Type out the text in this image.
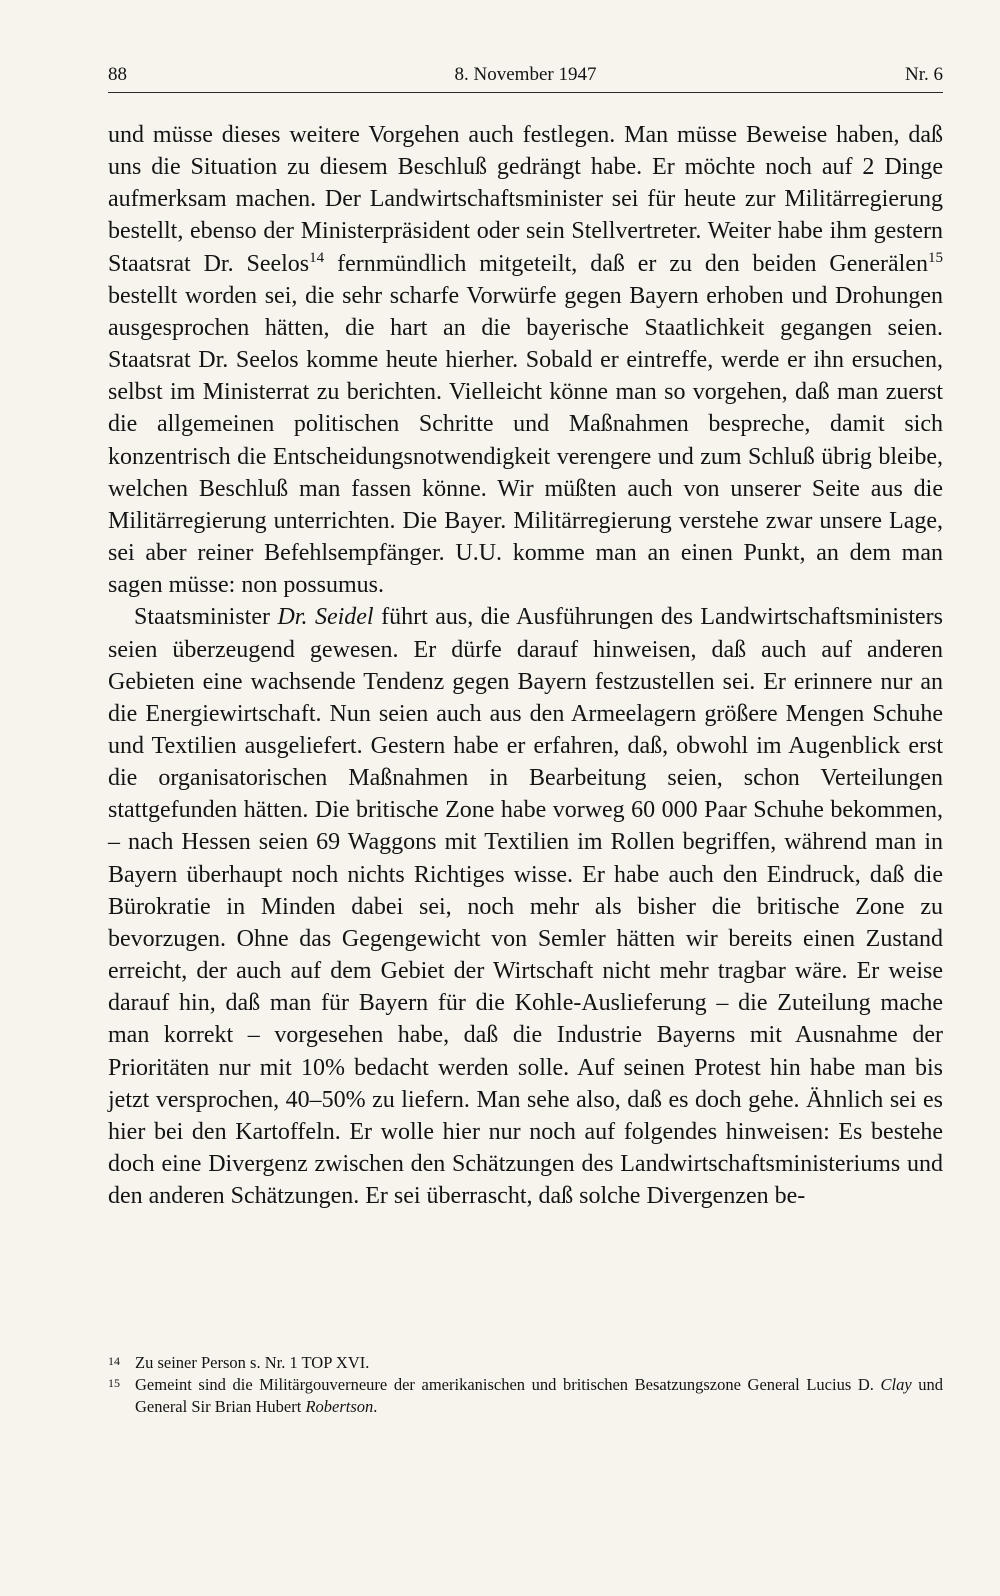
88	8. November 1947	Nr. 6

und müsse dieses weitere Vorgehen auch festlegen. Man müsse Beweise haben, daß uns die Situation zu diesem Beschluß gedrängt habe. Er möchte noch auf 2 Dinge aufmerksam machen. Der Landwirtschaftsminister sei für heute zur Militärregierung bestellt, ebenso der Ministerpräsident oder sein Stellvertreter. Weiter habe ihm gestern Staatsrat Dr. Seelos$^{14}$ fernmündlich mitgeteilt, daß er zu den beiden Generälen$^{15}$ bestellt worden sei, die sehr scharfe Vorwürfe gegen Bayern erhoben und Drohungen ausgesprochen hätten, die hart an die bayerische Staatlichkeit gegangen seien. Staatsrat Dr. Seelos komme heute hierher. Sobald er eintreffe, werde er ihn ersuchen, selbst im Ministerrat zu berichten. Vielleicht könne man so vorgehen, daß man zuerst die allgemeinen politischen Schritte und Maßnahmen bespreche, damit sich konzentrisch die Entscheidungsnotwendigkeit verengere und zum Schluß übrig bleibe, welchen Beschluß man fassen könne. Wir müßten auch von unserer Seite aus die Militärregierung unterrichten. Die Bayer. Militärregierung verstehe zwar unsere Lage, sei aber reiner Befehlsempfänger. U.U. komme man an einen Punkt, an dem man sagen müsse: non possumus.

Staatsminister Dr. Seidel führt aus, die Ausführungen des Landwirtschaftsministers seien überzeugend gewesen. Er dürfe darauf hinweisen, daß auch auf anderen Gebieten eine wachsende Tendenz gegen Bayern festzustellen sei. Er erinnere nur an die Energiewirtschaft. Nun seien auch aus den Armeelagern größere Mengen Schuhe und Textilien ausgeliefert. Gestern habe er erfahren, daß, obwohl im Augenblick erst die organisatorischen Maßnahmen in Bearbeitung seien, schon Verteilungen stattgefunden hätten. Die britische Zone habe vorweg 60 000 Paar Schuhe bekommen, – nach Hessen seien 69 Waggons mit Textilien im Rollen begriffen, während man in Bayern überhaupt noch nichts Richtiges wisse. Er habe auch den Eindruck, daß die Bürokratie in Minden dabei sei, noch mehr als bisher die britische Zone zu bevorzugen. Ohne das Gegengewicht von Semler hätten wir bereits einen Zustand erreicht, der auch auf dem Gebiet der Wirtschaft nicht mehr tragbar wäre. Er weise darauf hin, daß man für Bayern für die Kohle-Auslieferung – die Zuteilung mache man korrekt – vorgesehen habe, daß die Industrie Bayerns mit Ausnahme der Prioritäten nur mit 10% bedacht werden solle. Auf seinen Protest hin habe man bis jetzt versprochen, 40–50% zu liefern. Man sehe also, daß es doch gehe. Ähnlich sei es hier bei den Kartoffeln. Er wolle hier nur noch auf folgendes hinweisen: Es bestehe doch eine Divergenz zwischen den Schätzungen des Landwirtschaftsministeriums und den anderen Schätzungen. Er sei überrascht, daß solche Divergenzen be-

14 Zu seiner Person s. Nr. 1 TOP XVI.
15 Gemeint sind die Militärgouverneure der amerikanischen und britischen Besatzungszone General Lucius D. Clay und General Sir Brian Hubert Robertson.
